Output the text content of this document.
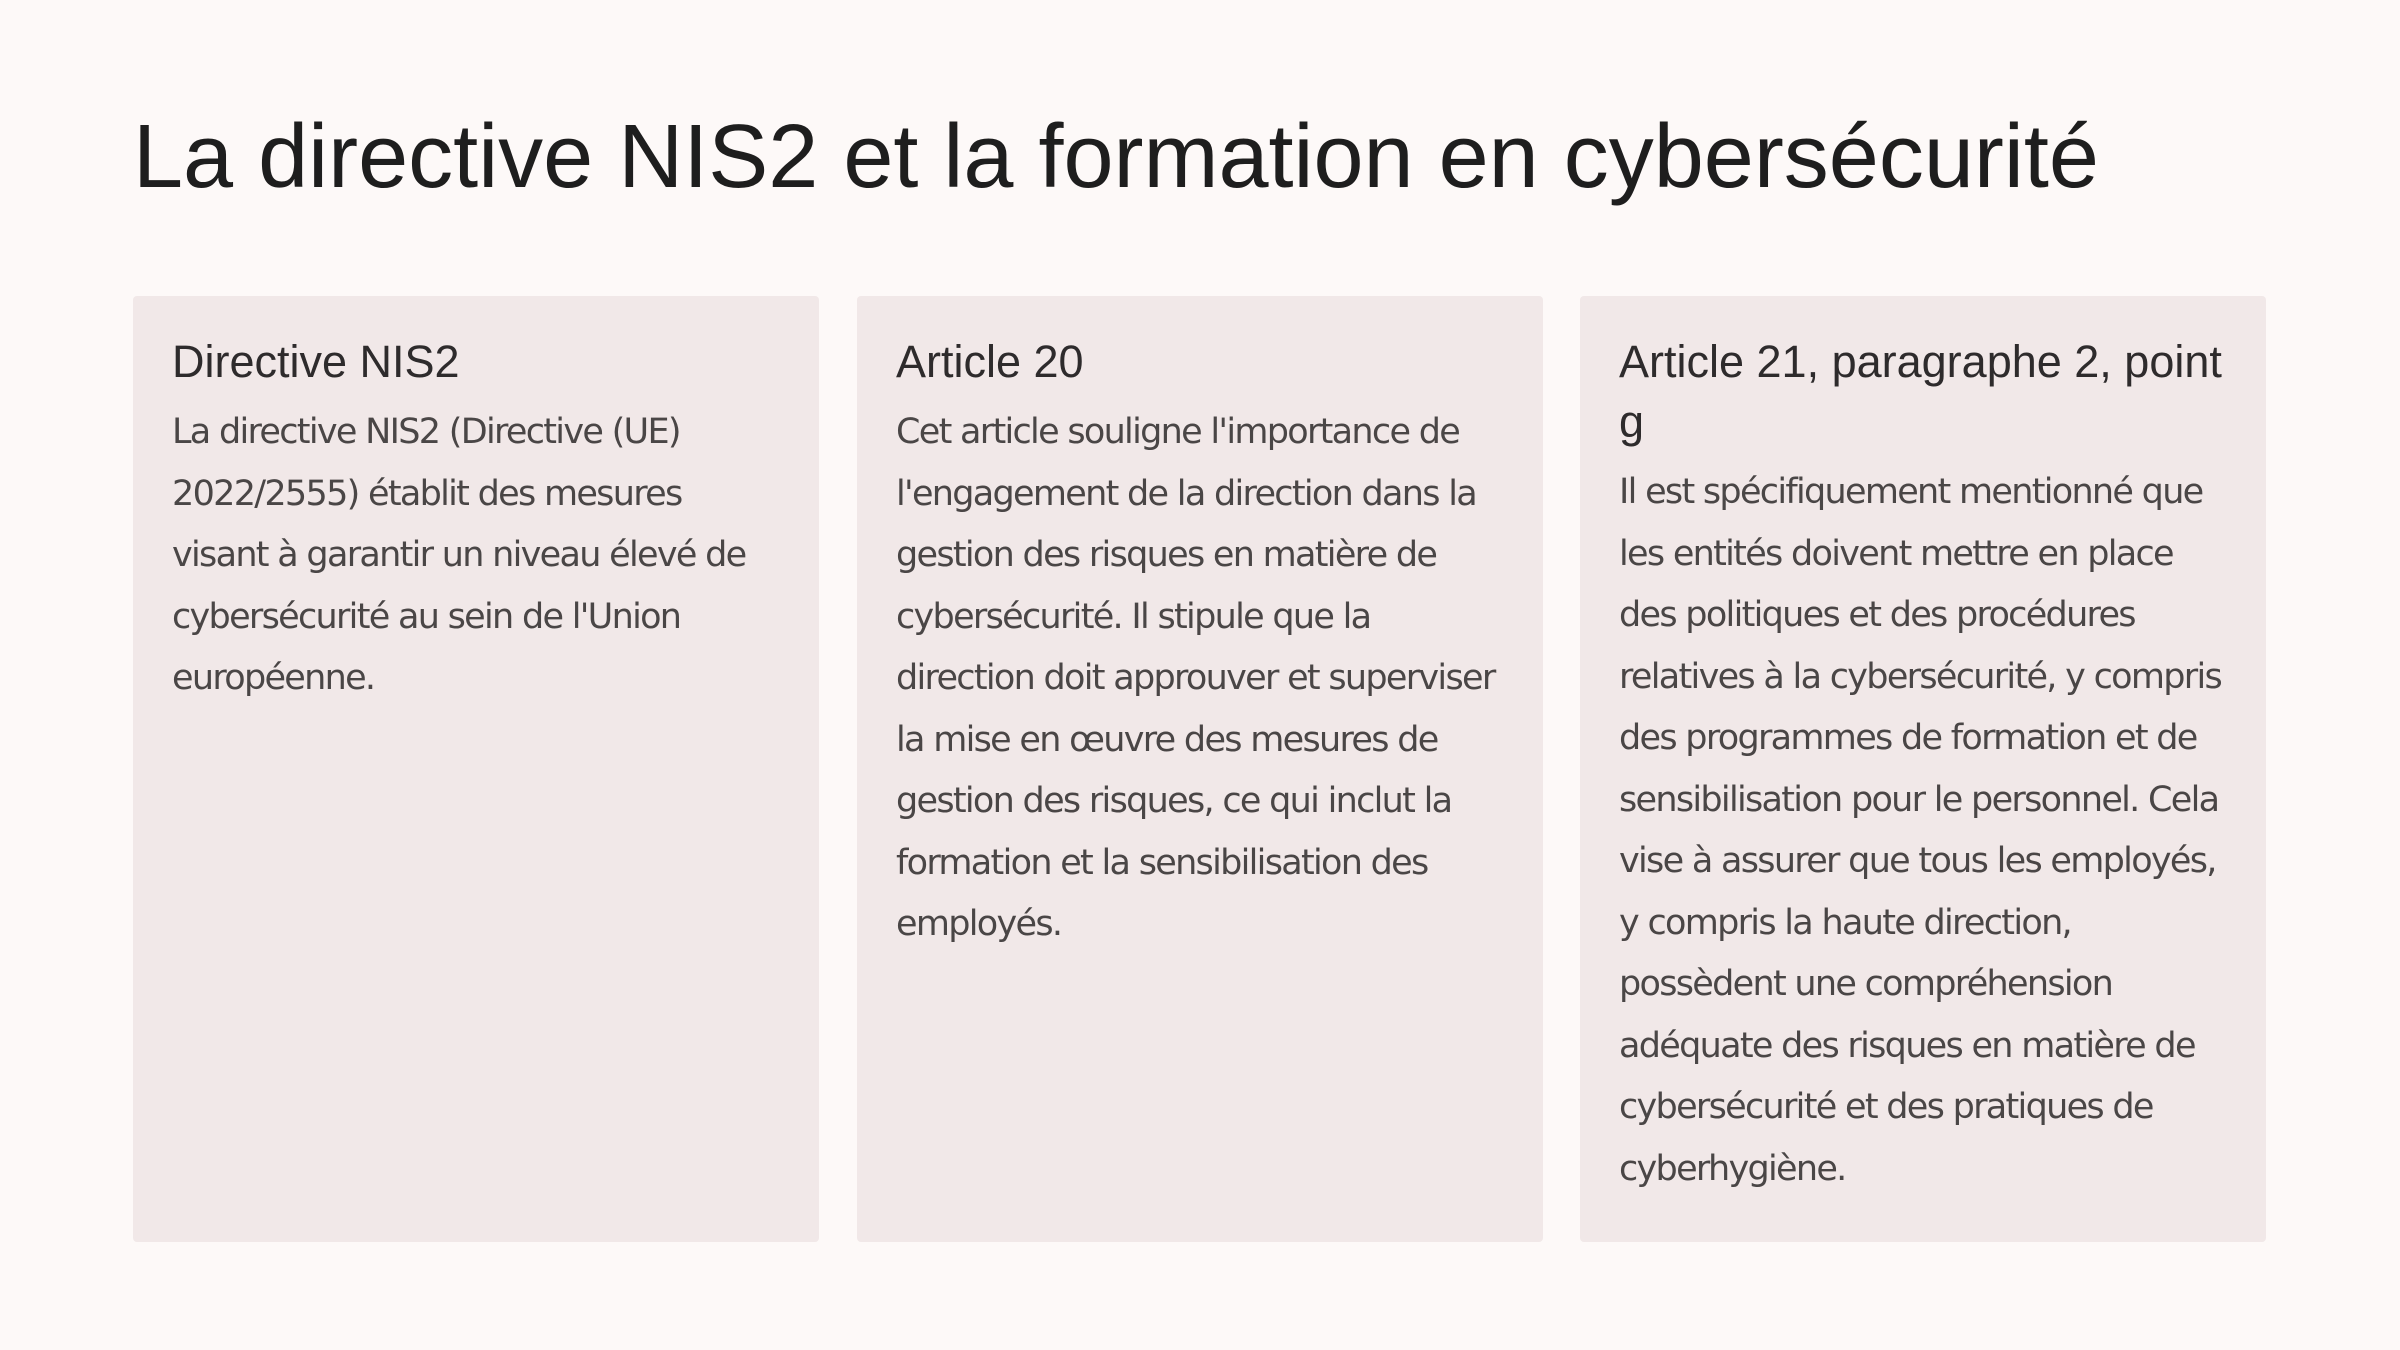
La directive NIS2 et la formation en cybersécurité
Directive NIS2

La directive NIS2 (Directive (UE) 2022/2555) établit des mesures visant à garantir un niveau élevé de cybersécurité au sein de l'Union européenne.

Article 20

Cet article souligne l'importance de l'engagement de la direction dans la gestion des risques en matière de cybersécurité. Il stipule que la direction doit approuver et superviser la mise en œuvre des mesures de gestion des risques, ce qui inclut la formation et la sensibilisation des employés.

Article 21, paragraphe 2, point g

Il est spécifiquement mentionné que les entités doivent mettre en place des politiques et des procédures relatives à la cybersécurité, y compris des programmes de formation et de sensibilisation pour le personnel. Cela vise à assurer que tous les employés, y compris la haute direction, possèdent une compréhension adéquate des risques en matière de cybersécurité et des pratiques de cyberhygiène.
